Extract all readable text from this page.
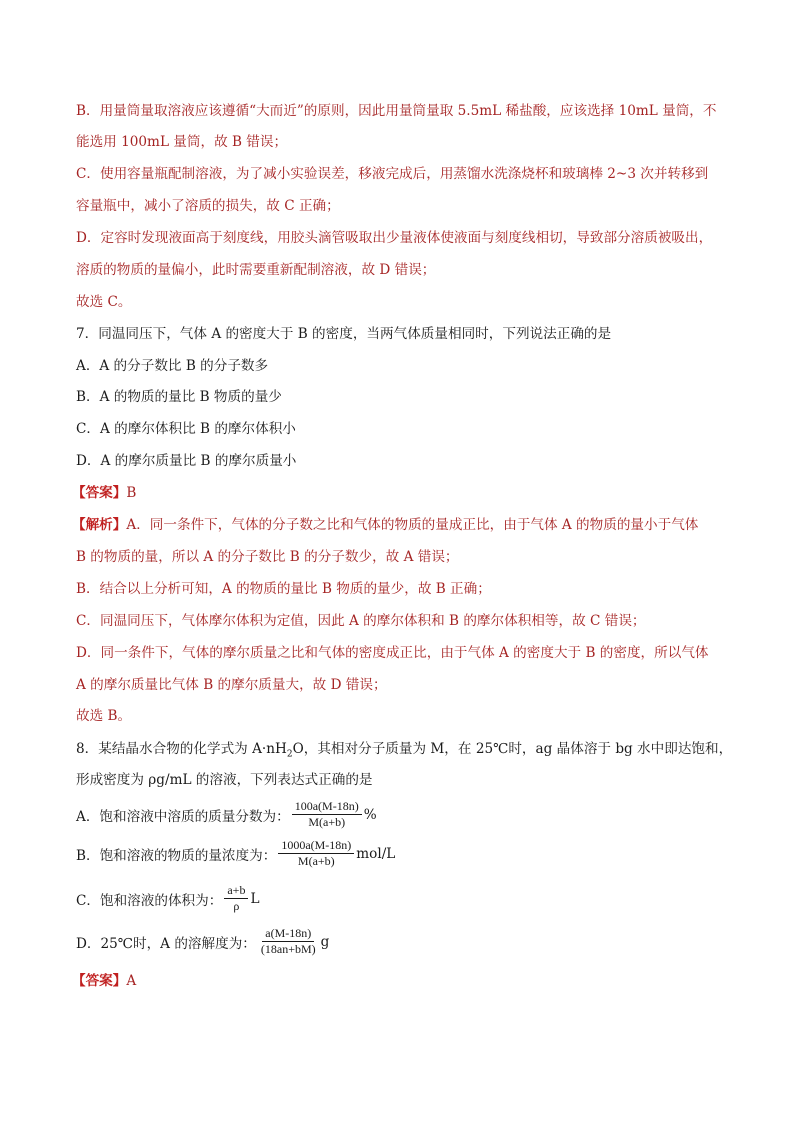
B．用量筒量取溶液应该遵循“大而近”的原则，因此用量筒量取 5.5mL 稀盐酸，应该选择 10mL 量筒，不
能选用 100mL 量筒，故 B 错误；
C．使用容量瓶配制溶液，为了减小实验误差，移液完成后，用蒸馏水洗涤烧杯和玻璃棒 2~3 次并转移到
容量瓶中，减小了溶质的损失，故 C 正确；
D．定容时发现液面高于刻度线，用胶头滴管吸取出少量液体使液面与刻度线相切，导致部分溶质被吸出，
溶质的物质的量偏小，此时需要重新配制溶液，故 D 错误；
故选 C。
7．同温同压下，气体 A 的密度大于 B 的密度，当两气体质量相同时，下列说法正确的是
A．A 的分子数比 B 的分子数多
B．A 的物质的量比 B 物质的量少
C．A 的摩尔体积比 B 的摩尔体积小
D．A 的摩尔质量比 B 的摩尔质量小
【答案】B
【解析】A．同一条件下，气体的分子数之比和气体的物质的量成正比，由于气体 A 的物质的量小于气体
B 的物质的量，所以 A 的分子数比 B 的分子数少，故 A 错误；
B．结合以上分析可知，A 的物质的量比 B 物质的量少，故 B 正确；
C．同温同压下，气体摩尔体积为定值，因此 A 的摩尔体积和 B 的摩尔体积相等，故 C 错误；
D．同一条件下，气体的摩尔质量之比和气体的密度成正比，由于气体 A 的密度大于 B 的密度，所以气体
A 的摩尔质量比气体 B 的摩尔质量大，故 D 错误；
故选 B。
8．某结晶水合物的化学式为 $A\cdot nH_2O$，其相对分子质量为 M，在 25℃时，ag 晶体溶于 bg 水中即达饱和，
形成密度为 ρg/mL 的溶液，下列表达式正确的是
A．饱和溶液中溶质的质量分数为： $\frac{100a(M-18n)}{M(a+b)}$ %
B．饱和溶液的物质的量浓度为： $\frac{1000a(M-18n)}{M(a+b)} mol/L$
C．饱和溶液的体积为： $\frac{a+b}{\rho}$ L
D．25℃时，A 的溶解度为： $\frac{a(M-18n)}{(18an+bM)}$ g
【答案】A
